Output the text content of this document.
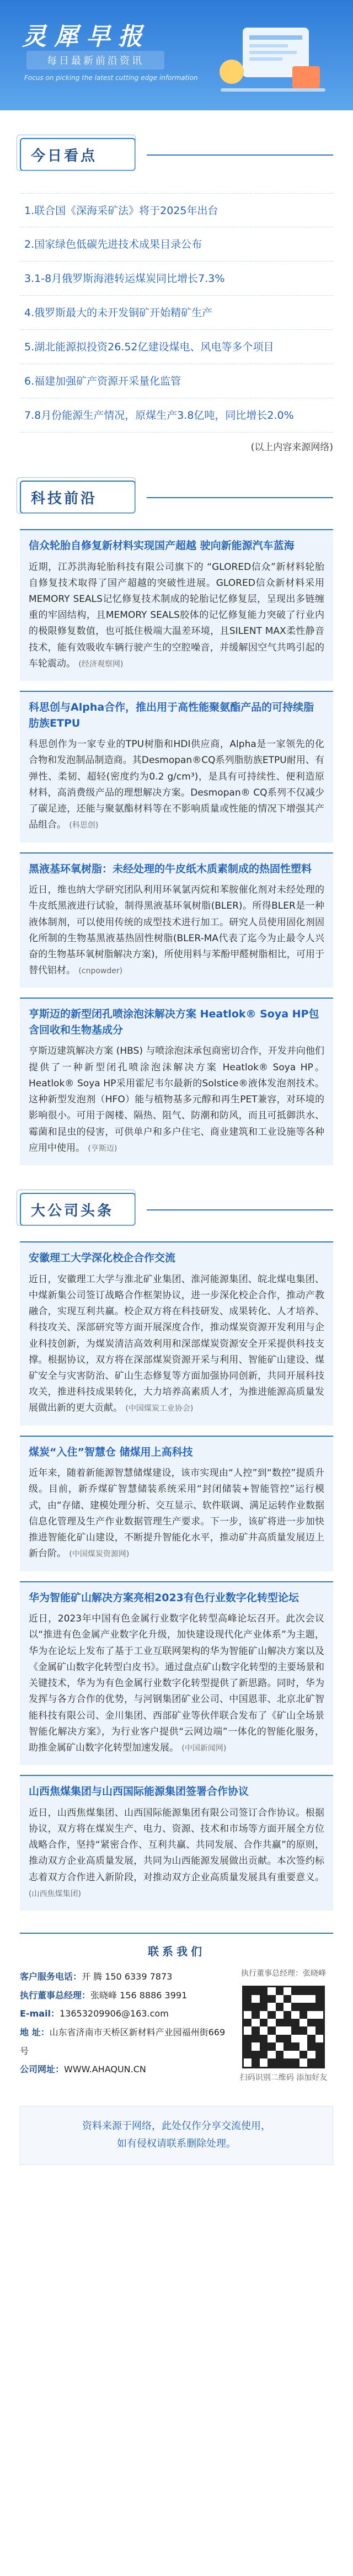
灵犀早报
每日最新前沿资讯
Focus on picking the latest cutting edge information
今日看点
1.联合国《深海采矿法》将于2025年出台
2.国家绿色低碳先进技术成果目录公布
3.1-8月俄罗斯海港转运煤炭同比增长7.3%
4.俄罗斯最大的未开发铜矿开始精矿生产
5.湖北能源拟投资26.52亿建设煤电、风电等多个项目
6.福建加强矿产资源开采量化监管
7.8月份能源生产情况，原煤生产3.8亿吨，同比增长2.0%
(以上内容来源网络)
科技前沿
信众轮胎自修复新材料实现国产超越 驶向新能源汽车蓝海

近期，江苏洪海轮胎科技有限公司旗下的 “GLORED信众”新材料轮胎自修复技术取得了国产超越的突破性进展。GLORED信众新材料采用MEMORY SEALS记忆修复技术制成的轮胎记忆修复层，呈现出多链缠重的牢固结构，且MEMORY SEALS胶体的记忆修复能力突破了行业内的极限修复数值，也可抵住极端大温差环境，且SILENT MAX柔性静音技术，能有效吸收车辆行驶产生的空腔噪音，并缓解因空气共鸣引起的车轮震动。 (经济观察网)

科思创与Alpha合作，推出用于高性能聚氨酯产品的可持续脂肪族ETPU

科思创作为一家专业的TPU树脂和HDI供应商，Alpha是一家领先的化合物和发泡制品制造商。其Desmopan®CQ系列脂肪族ETPU耐用、有弹性、柔韧、超轻(密度约为0.2 g/cm³)，是具有可持续性、便利造原材料，高消费级产品的理想解决方案。Desmopan® CQ系列不仅减少了碳足迹，还能与聚氨酯材料等在不影响质量或性能的情况下增强其产品组合。 (科思创)

黑液基环氧树脂：未经处理的牛皮纸木质素制成的热固性塑料

近日，维也纳大学研究团队利用环氧氯丙烷和苯胺催化剂对未经处理的牛皮纸黑液进行试验，制得黑液基环氧树脂(BLER)。所得BLER是一种液体制剂，可以使用传统的成型技术进行加工。研究人员使用固化剂固化所制的生物基黑液基热固性树脂(BLER-MA代表了迄今为止最令人兴奋的生物基环氧树脂解决方案)，所使用料与苯酚甲醛树脂相比，可用于替代铝材。 (cnpowder)

亨斯迈的新型闭孔喷涂泡沫解决方案 Heatlok® Soya HP包含回收和生物基成分

亨斯迈建筑解决方案 (HBS) 与喷涂泡沫承包商密切合作，开发并向他们提供了一种新型闭孔喷涂泡沫解决方案 Heatlok® Soya HP。Heatlok® Soya HP采用霍尼韦尔最新的Solstice®液体发泡剂技术。这种新型发泡剂（HFO）能与植物基多元醇和再生PET兼容，对环境的影响很小。可用于阁楼、隔热、阻气、防潮和防风，而且可抵御洪水、霉菌和昆虫的侵害，可供单户和多户住宅、商业建筑和工业设施等各种应用中使用。 (亨斯迈)

大公司头条
安徽理工大学深化校企合作交流

近日，安徽理工大学与淮北矿业集团、淮河能源集团、皖北煤电集团、中煤新集公司签订战略合作框架协议，进一步深化校企合作，推动产教融合，实现互利共赢。校企双方将在科技研发、成果转化、人才培养、科技攻关、深部研究等方面开展深度合作，推动煤炭资源开发利用与企业科技创新，为煤炭清洁高效利用和深部煤炭资源安全开采提供科技支撑。根据协议，双方将在深部煤炭资源开采与利用、智能矿山建设、煤矿安全与灾害防治、矿山生态修复等方面加强协同创新，共同开展科技攻关，推进科技成果转化，大力培养高素质人才，为推进能源高质量发展做出新的更大贡献。 (中国煤炭工业协会)

煤炭“入住”智慧仓 储煤用上高科技

近年来，随着新能源智慧储煤建设，该市实现由“人控”到“数控”提质升级。目前，新乔煤矿智慧储装系统采用“封闭储装+智能管控”运行模式，由“存储、建模处理分析、交互显示、软件联调、满足运转作业数据信息化管理及生产作业数据管理生产要求。下一步，该矿将进一步加快推进智能化矿山建设，不断提升智能化水平，推动矿井高质量发展迈上新台阶。 (中国煤炭资源网)

华为智能矿山解决方案亮相2023有色行业数字化转型论坛

近日，2023年中国有色金属行业数字化转型高峰论坛召开。此次会议以“推进有色金属产业数字化升级，加快建设现代化产业体系”为主题，华为在论坛上发布了基于工业互联网架构的华为智能矿山解决方案以及《金属矿山数字化转型白皮书》。通过盘点矿山数字化转型的主要场景和关键技术，华为为有色金属行业数字化转型提供了新思路。同时，华为发挥与各方合作的优势，与河钢集团矿业公司、中国恩菲、北京北矿智能科技有限公司、金川集团、西部矿业等伙伴联合发布了《矿山全场景智能化解决方案》，为行业客户提供“云网边端”一体化的智能化服务，助推金属矿山数字化转型加速发展。 (中国新闻网)

山西焦煤集团与山西国际能源集团签署合作协议

近日，山西焦煤集团、山西国际能源集团有限公司签订合作协议。根据协议，双方将在煤炭生产、电力、资源、技术和市场等方面开展全方位战略合作，坚持“紧密合作、互利共赢、共同发展、合作共赢”的原则，推动双方企业高质量发展，共同为山西能源发展做出贡献。本次签约标志着双方合作进入新阶段，对推动双方企业高质量发展具有重要意义。 (山西焦煤集团)

联系我们
客户服务电话：开 腾 150 6339 7873
执行董事总经理：张晓峰 156 8886 3991
E-mail：13653209906@163.com
地 址：山东省济南市天桥区新材料产业园福州街669号
公司网址：WWW.AHAQUN.CN
执行董事总经理：张晓峰
扫码识别二维码 添加好友
资料来源于网络，此处仅作分享交流使用，
如有侵权请联系删除处理。
